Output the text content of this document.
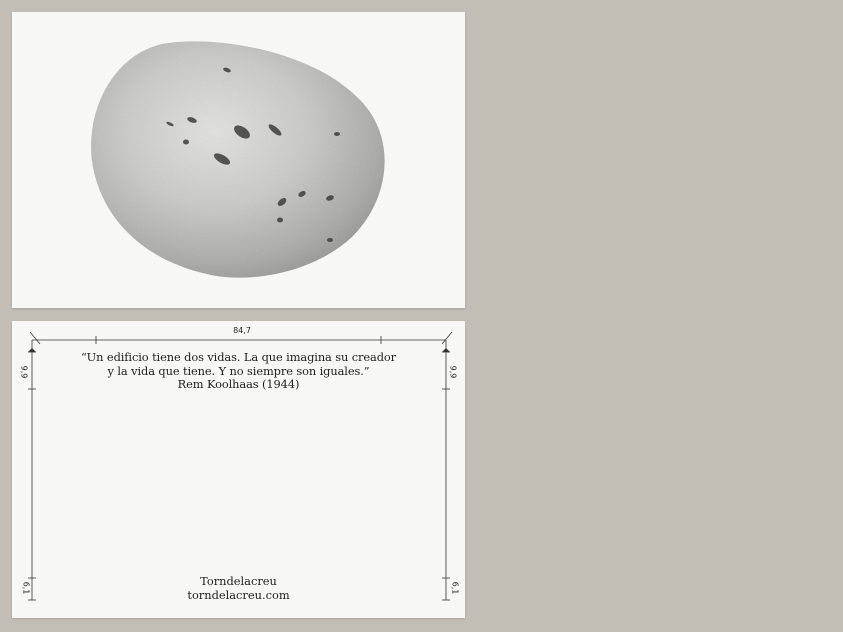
84,7
9,9	9,9
6,1	6,1
“Un edificio tiene dos vidas. La que imagina su creador
y la vida que tiene. Y no siempre son iguales.”
Rem Koolhaas (1944)
Torndelacreu
torndelacreu.com
